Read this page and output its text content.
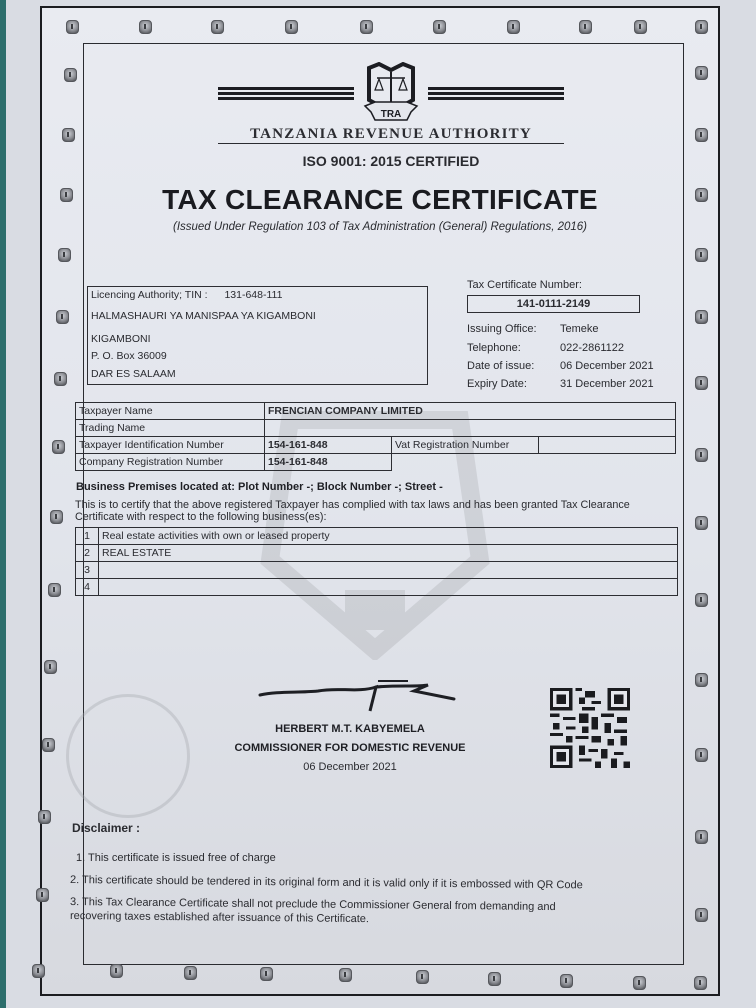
TRA
TANZANIA REVENUE AUTHORITY
ISO 9001: 2015 CERTIFIED
TAX CLEARANCE CERTIFICATE
(Issued Under Regulation 103 of Tax Administration (General) Regulations, 2016)
Licencing Authority; TIN : 131-648-111
HALMASHAURI YA MANISPAA YA KIGAMBONI
KIGAMBONI
P. O. Box 36009
DAR ES SALAAM
Tax Certificate Number:
141-0111-2149
Issuing Office: Temeke
Telephone:	022-2861122
Date of issue: 06 December 2021
Expiry Date:	31 December 2021
Taxpayer Name	FRENCIAN COMPANY LIMITED		
Trading Name			
Taxpayer Identification Number	154-161-848	Vat Registration Number	
Company Registration Number	154-161-848		
Business Premises located at: Plot Number -; Block Number -; Street -
This is to certify that the above registered Taxpayer has complied with tax laws and has been granted Tax Clearance Certificate with respect to the following business(es):
1	Real estate activities with own or leased property
2	REAL ESTATE
3	
4	
HERBERT M.T. KABYEMELA
COMMISSIONER FOR DOMESTIC REVENUE
06 December 2021
Disclaimer :
1. This certificate is issued free of charge
2. This certificate should be tendered in its original form and it is valid only if it is embossed with QR Code
3. This Tax Clearance Certificate shall not preclude the Commissioner General from demanding and
recovering taxes established after issuance of this Certificate.
